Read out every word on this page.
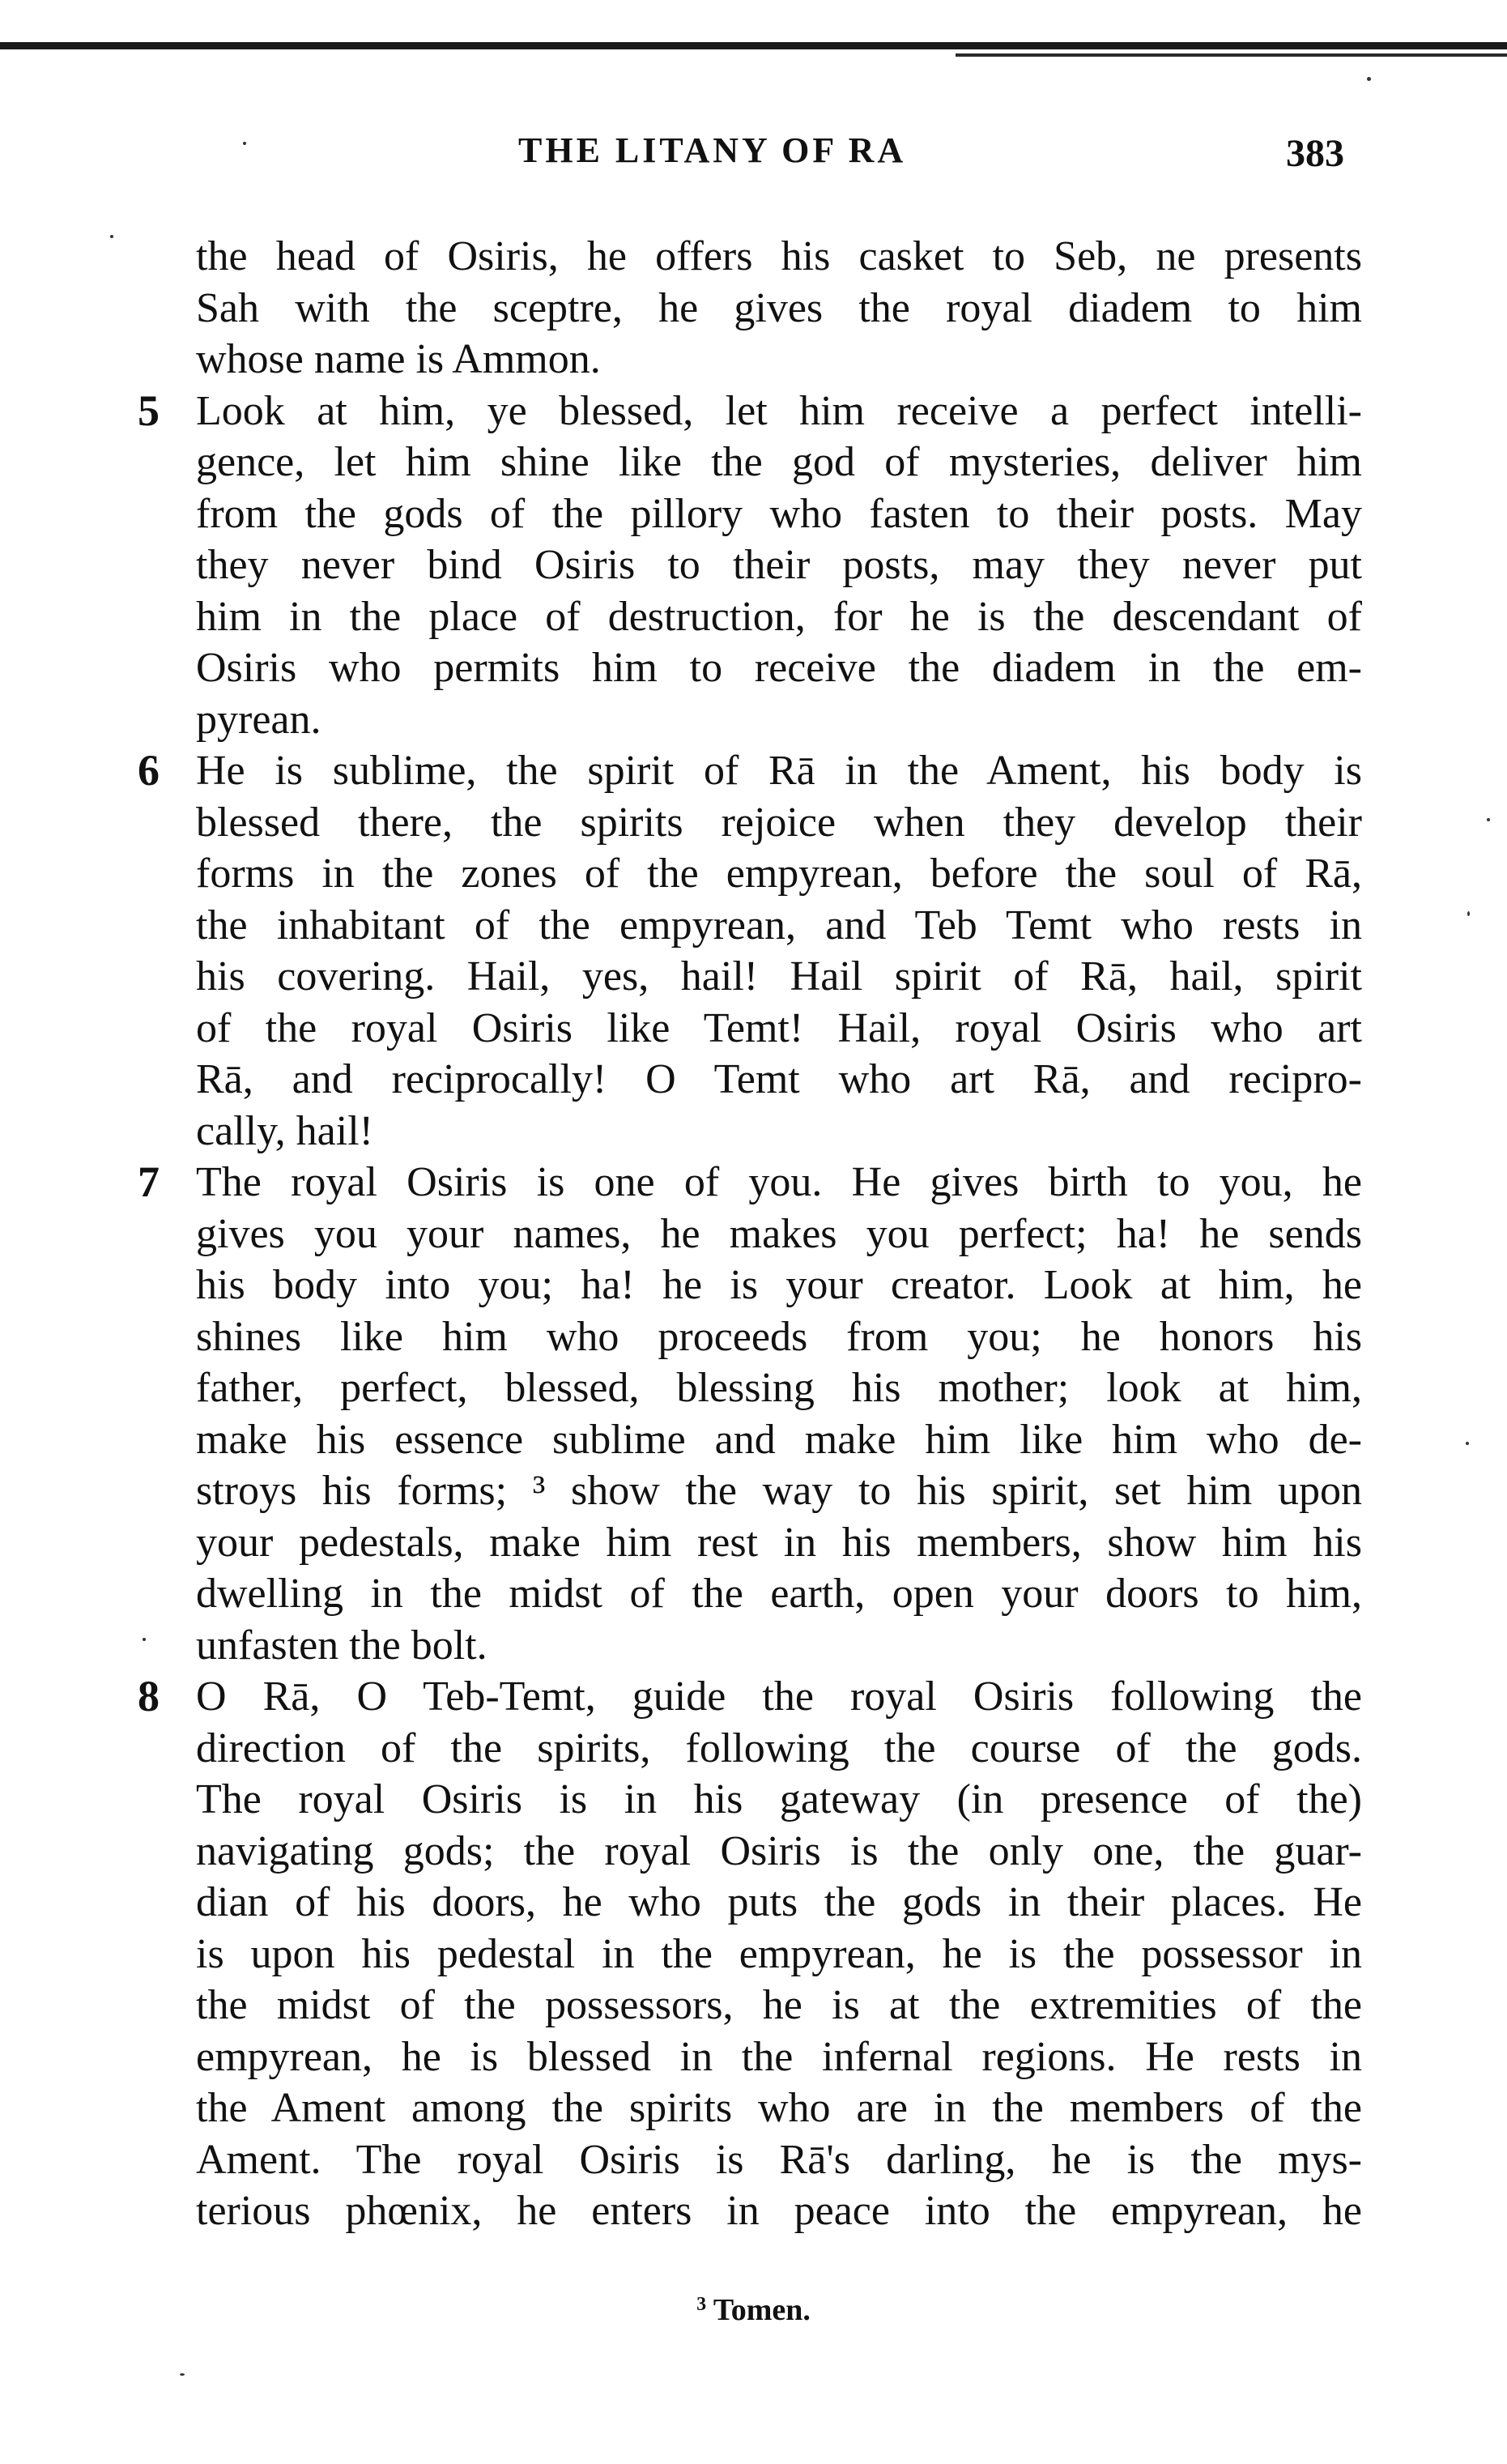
THE LITANY OF RA	383
the head of Osiris, he offers his casket to Seb, ne presents
Sah with the sceptre, he gives the royal diadem to him
whose name is Ammon.
5 Look at him, ye blessed, let him receive a perfect intelli-
gence, let him shine like the god of mysteries, deliver him
from the gods of the pillory who fasten to their posts. May
they never bind Osiris to their posts, may they never put
him in the place of destruction, for he is the descendant of
Osiris who permits him to receive the diadem in the em-
pyrean.
6 He is sublime, the spirit of Rā in the Ament, his body is
blessed there, the spirits rejoice when they develop their
forms in the zones of the empyrean, before the soul of Rā,
the inhabitant of the empyrean, and Teb Temt who rests in
his covering. Hail, yes, hail! Hail spirit of Rā, hail, spirit
of the royal Osiris like Temt! Hail, royal Osiris who art
Rā, and reciprocally! O Temt who art Rā, and recipro-
cally, hail!
7 The royal Osiris is one of you. He gives birth to you, he
gives you your names, he makes you perfect; ha! he sends
his body into you; ha! he is your creator. Look at him, he
shines like him who proceeds from you; he honors his
father, perfect, blessed, blessing his mother; look at him,
make his essence sublime and make him like him who de-
stroys his forms; ³ show the way to his spirit, set him upon
your pedestals, make him rest in his members, show him his
dwelling in the midst of the earth, open your doors to him,
unfasten the bolt.
8 O Rā, O Teb-Temt, guide the royal Osiris following the
direction of the spirits, following the course of the gods.
The royal Osiris is in his gateway (in presence of the)
navigating gods; the royal Osiris is the only one, the guar-
dian of his doors, he who puts the gods in their places. He
is upon his pedestal in the empyrean, he is the possessor in
the midst of the possessors, he is at the extremities of the
empyrean, he is blessed in the infernal regions. He rests in
the Ament among the spirits who are in the members of the
Ament. The royal Osiris is Rā's darling, he is the mys-
terious phœnix, he enters in peace into the empyrean, he
$^3$ Tomen.
